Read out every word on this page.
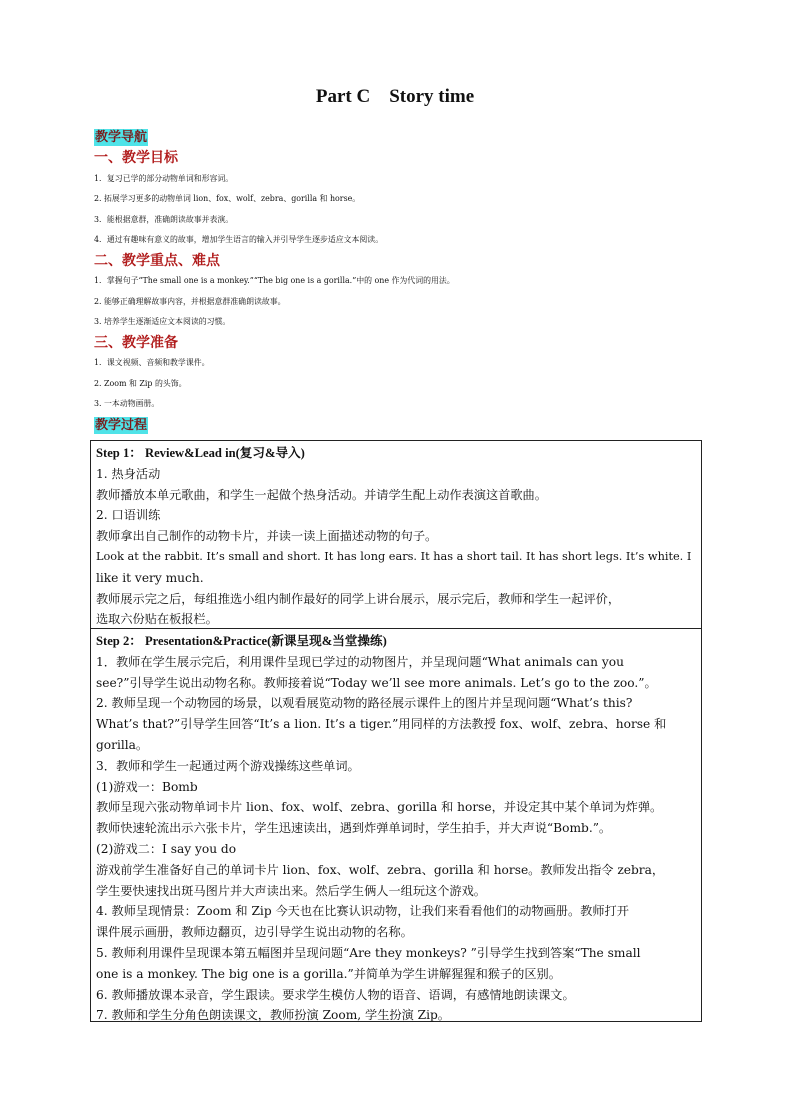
Part C    Story time
教学导航

一、教学目标

1．复习已学的部分动物单词和形容词。

2. 拓展学习更多的动物单词 lion、fox、wolf、zebra、gorilla 和 horse。

3．能根据意群，准确朗读故事并表演。

4．通过有趣味有意义的故事，增加学生语言的输入并引导学生逐步适应文本阅读。

二、教学重点、难点

1．掌握句子“The small one is a monkey.”“The big one is a gorilla.”中的 one 作为代词的用法。

2. 能够正确理解故事内容，并根据意群准确朗读故事。

3. 培养学生逐渐适应文本阅读的习惯。

三、教学准备

1．课文视频、音频和教学课件。

2. Zoom 和 Zip 的头饰。

3. 一本动物画册。

教学过程

Step 1： Review&Lead in(复习&导入)

1. 热身活动

教师播放本单元歌曲，和学生一起做个热身活动。并请学生配上动作表演这首歌曲。

2. 口语训练

教师拿出自己制作的动物卡片，并读一读上面描述动物的句子。

Look at the rabbit. It’s small and short. It has long ears. It has a short tail. It has short legs. It’s white. I

like it very much.

教师展示完之后，每组推选小组内制作最好的同学上讲台展示，展示完后，教师和学生一起评价，

选取六份贴在板报栏。

Step 2： Presentation&Practice(新课呈现&当堂操练)

1．教师在学生展示完后，利用课件呈现已学过的动物图片，并呈现问题“What animals can you

see?”引导学生说出动物名称。教师接着说“Today we’ll see more animals. Let’s go to the zoo.”。

2. 教师呈现一个动物园的场景，以观看展览动物的路径展示课件上的图片并呈现问题“What’s this?

What’s that?”引导学生回答“It’s a lion. It’s a tiger.”用同样的方法教授 fox、wolf、zebra、horse 和

gorilla。

3．教师和学生一起通过两个游戏操练这些单词。

(1)游戏一：Bomb

教师呈现六张动物单词卡片 lion、fox、wolf、zebra、gorilla 和 horse，并设定其中某个单词为炸弹。

教师快速轮流出示六张卡片，学生迅速读出，遇到炸弹单词时，学生拍手，并大声说“Bomb.”。

(2)游戏二：I say you do

游戏前学生准备好自己的单词卡片 lion、fox、wolf、zebra、gorilla 和 horse。教师发出指令 zebra，

学生要快速找出斑马图片并大声读出来。然后学生俩人一组玩这个游戏。

4. 教师呈现情景：Zoom 和 Zip 今天也在比赛认识动物，让我们来看看他们的动物画册。教师打开

课件展示画册，教师边翻页，边引导学生说出动物的名称。

5. 教师利用课件呈现课本第五幅图并呈现问题“Are they monkeys? ”引导学生找到答案“The small

one is a monkey. The big one is a gorilla.”并简单为学生讲解猩猩和猴子的区别。

6. 教师播放课本录音，学生跟读。要求学生模仿人物的语音、语调，有感情地朗读课文。

7. 教师和学生分角色朗读课文，教师扮演 Zoom, 学生扮演 Zip。
